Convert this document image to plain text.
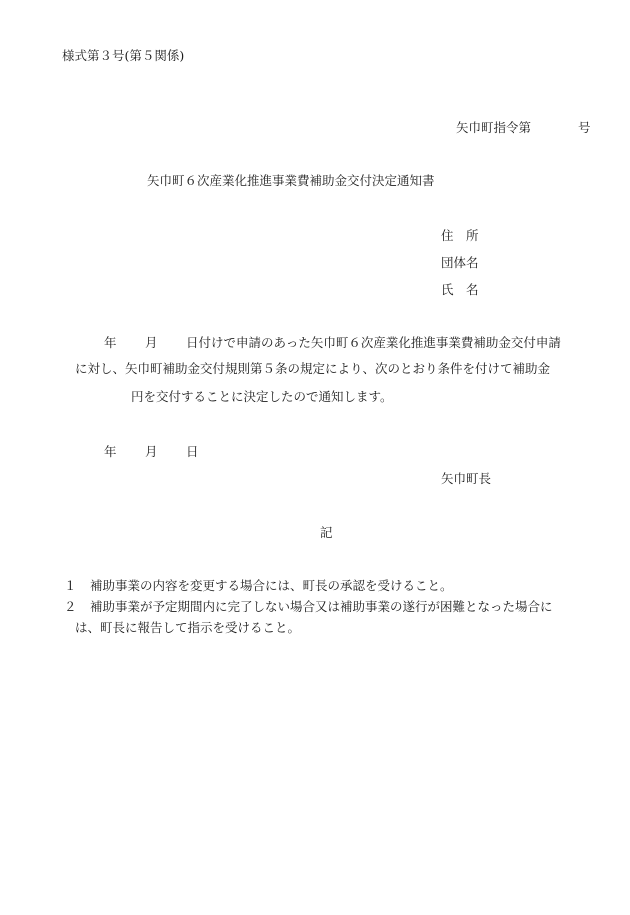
様式第３号(第５関係)
矢巾町指令第	号
矢巾町６次産業化推進事業費補助金交付決定通知書
住　所
団体名
氏　名
年 月 日付けで申請のあった矢巾町６次産業化推進事業費補助金交付申請
に対し、矢巾町補助金交付規則第５条の規定により、次のとおり条件を付けて補助金
円を交付することに決定したので通知します。
年 月 日
矢巾町長
記
１ 補助事業の内容を変更する場合には、町長の承認を受けること。
２ 補助事業が予定期間内に完了しない場合又は補助事業の遂行が困難となった場合に
は、町長に報告して指示を受けること。
